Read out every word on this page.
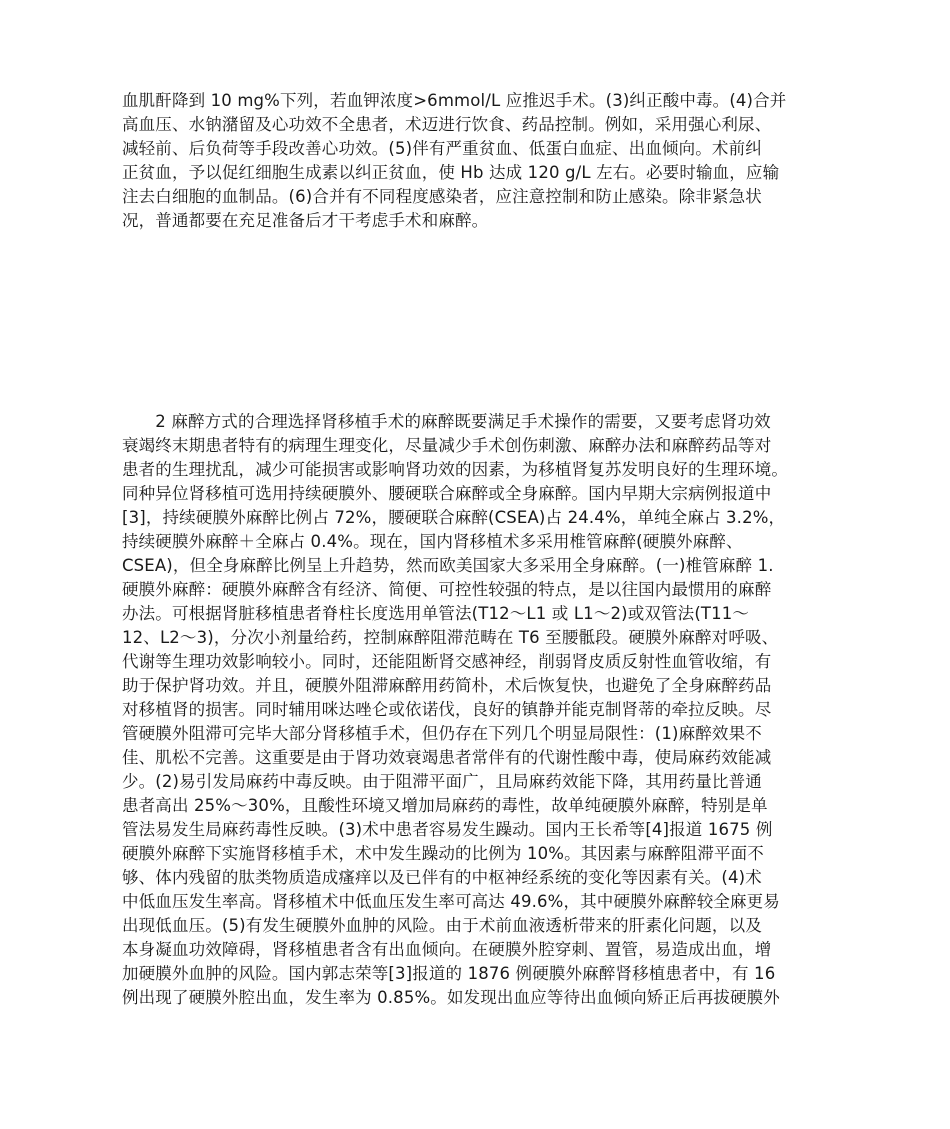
血肌酐降到 10 mg%下列，若血钾浓度>6mmol/L 应推迟手术。(3)纠正酸中毒。(4)合并
高血压、水钠潴留及心功效不全患者，术迈进行饮食、药品控制。例如，采用强心利尿、
减轻前、后负荷等手段改善心功效。(5)伴有严重贫血、低蛋白血症、出血倾向。术前纠
正贫血，予以促红细胞生成素以纠正贫血，使 Hb 达成 120 g/L 左右。必要时输血，应输
注去白细胞的血制品。(6)合并有不同程度感染者，应注意控制和防止感染。除非紧急状
况，普通都要在充足准备后才干考虑手术和麻醉。
　　2 麻醉方式的合理选择肾移植手术的麻醉既要满足手术操作的需要，又要考虑肾功效
衰竭终末期患者特有的病理生理变化，尽量减少手术创伤刺激、麻醉办法和麻醉药品等对
患者的生理扰乱，减少可能损害或影响肾功效的因素，为移植肾复苏发明良好的生理环境。
同种异位肾移植可选用持续硬膜外、腰硬联合麻醉或全身麻醉。国内早期大宗病例报道中
[3]，持续硬膜外麻醉比例占 72%，腰硬联合麻醉(CSEA)占 24.4%，单纯全麻占 3.2%，
持续硬膜外麻醉＋全麻占 0.4%。现在，国内肾移植术多采用椎管麻醉(硬膜外麻醉、
CSEA)，但全身麻醉比例呈上升趋势，然而欧美国家大多采用全身麻醉。(一)椎管麻醉 1.
硬膜外麻醉：硬膜外麻醉含有经济、简便、可控性较强的特点，是以往国内最惯用的麻醉
办法。可根据肾脏移植患者脊柱长度选用单管法(T12～L1 或 L1～2)或双管法(T11～
12、L2～3)，分次小剂量给药，控制麻醉阻滞范畴在 T6 至腰骶段。硬膜外麻醉对呼吸、
代谢等生理功效影响较小。同时，还能阻断肾交感神经，削弱肾皮质反射性血管收缩，有
助于保护肾功效。并且，硬膜外阻滞麻醉用药简朴，术后恢复快，也避免了全身麻醉药品
对移植肾的损害。同时辅用咪达唑仑或依诺伐，良好的镇静并能克制肾蒂的牵拉反映。尽
管硬膜外阻滞可完毕大部分肾移植手术，但仍存在下列几个明显局限性：(1)麻醉效果不
佳、肌松不完善。这重要是由于肾功效衰竭患者常伴有的代谢性酸中毒，使局麻药效能减
少。(2)易引发局麻药中毒反映。由于阻滞平面广，且局麻药效能下降，其用药量比普通
患者高出 25%～30%，且酸性环境又增加局麻药的毒性，故单纯硬膜外麻醉，特别是单
管法易发生局麻药毒性反映。(3)术中患者容易发生躁动。国内王长希等[4]报道 1675 例
硬膜外麻醉下实施肾移植手术，术中发生躁动的比例为 10%。其因素与麻醉阻滞平面不
够、体内残留的肽类物质造成瘙痒以及已伴有的中枢神经系统的变化等因素有关。(4)术
中低血压发生率高。肾移植术中低血压发生率可高达 49.6%，其中硬膜外麻醉较全麻更易
出现低血压。(5)有发生硬膜外血肿的风险。由于术前血液透析带来的肝素化问题，以及
本身凝血功效障碍，肾移植患者含有出血倾向。在硬膜外腔穿刺、置管，易造成出血，增
加硬膜外血肿的风险。国内郭志荣等[3]报道的 1876 例硬膜外麻醉肾移植患者中，有 16
例出现了硬膜外腔出血，发生率为 0.85%。如发现出血应等待出血倾向矫正后再拔硬膜外
